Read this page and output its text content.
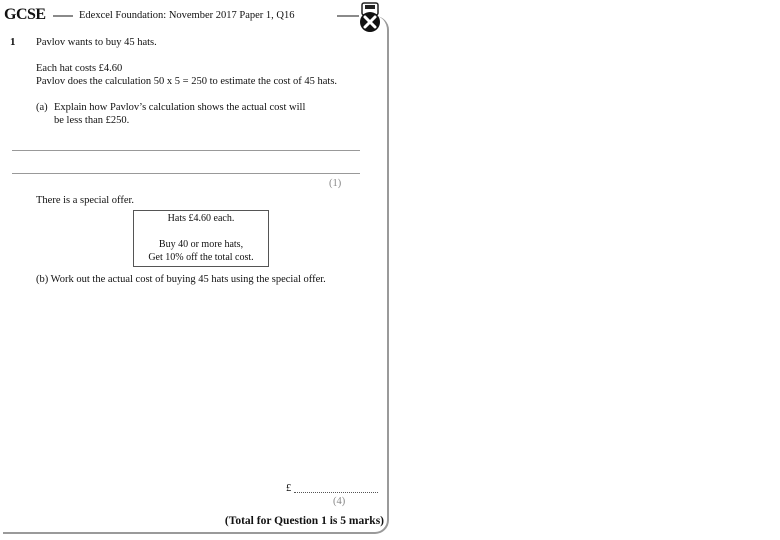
GCSE	Edexcel Foundation: November 2017 Paper 1, Q16
1 Pavlov wants to buy 45 hats.
Each hat costs £4.60
Pavlov does the calculation 50 x 5 = 250 to estimate the cost of 45 hats.
(a) Explain how Pavlov’s calculation shows the actual cost will
be less than £250.
(1)
There is a special offer.
Hats £4.60 each.
Buy 40 or more hats,
Get 10% off the total cost.
(b) Work out the actual cost of buying 45 hats using the special offer.
£
(4)
(Total for Question 1 is 5 marks)
